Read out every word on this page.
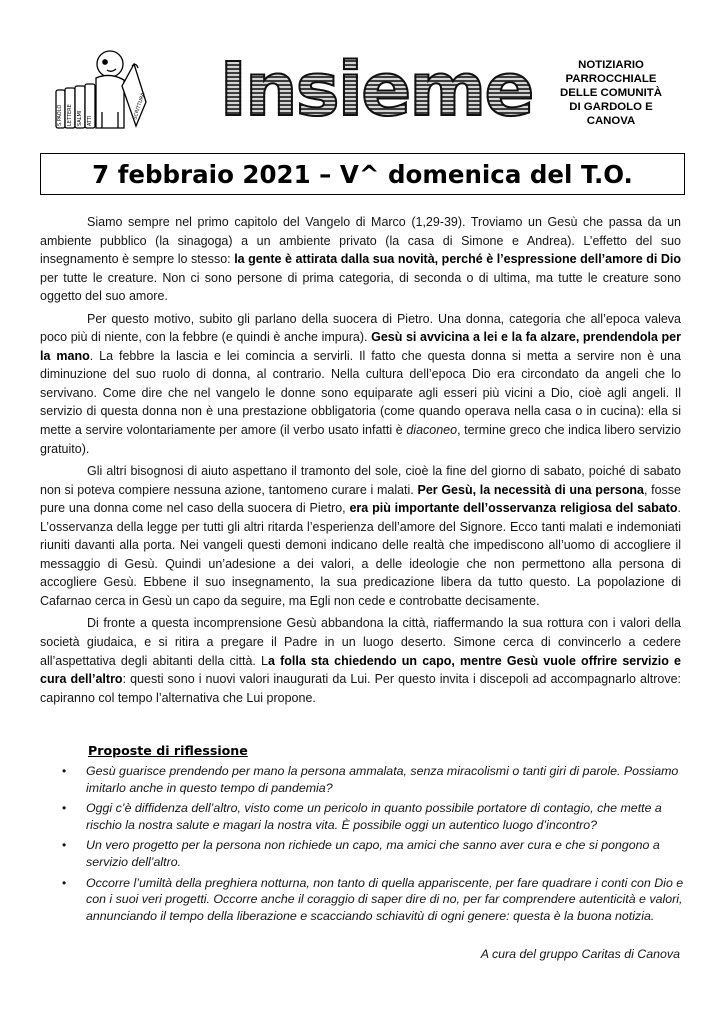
S.PAOLO LETTERE SALMI ATTI
SCRITTURA Insieme	NOTIZIARIO
PARROCCHIALE
DELLE COMUNITÀ
DI GARDOLO E
CANOVA
7 febbraio 2021 – V^ domenica del T.O.

Siamo sempre nel primo capitolo del Vangelo di Marco (1,29-39). Troviamo un Gesù che passa da un ambiente pubblico (la sinagoga) a un ambiente privato (la casa di Simone e Andrea). L’effetto del suo insegnamento è sempre lo stesso: la gente è attirata dalla sua novità, perché è l’espressione dell’amore di Dio per tutte le creature. Non ci sono persone di prima categoria, di seconda o di ultima, ma tutte le creature sono oggetto del suo amore.

Per questo motivo, subito gli parlano della suocera di Pietro. Una donna, categoria che all’epoca valeva poco più di niente, con la febbre (e quindi è anche impura). Gesù si avvicina a lei e la fa alzare, prendendola per la mano. La febbre la lascia e lei comincia a servirli. Il fatto che questa donna si metta a servire non è una diminuzione del suo ruolo di donna, al contrario. Nella cultura dell’epoca Dio era circondato da angeli che lo servivano. Come dire che nel vangelo le donne sono equiparate agli esseri più vicini a Dio, cioè agli angeli. Il servizio di questa donna non è una prestazione obbligatoria (come quando operava nella casa o in cucina): ella si mette a servire volontariamente per amore (il verbo usato infatti è diaconeo, termine greco che indica libero servizio gratuito).

Gli altri bisognosi di aiuto aspettano il tramonto del sole, cioè la fine del giorno di sabato, poiché di sabato non si poteva compiere nessuna azione, tantomeno curare i malati. Per Gesù, la necessità di una persona, fosse pure una donna come nel caso della suocera di Pietro, era più importante dell’osservanza religiosa del sabato. L’osservanza della legge per tutti gli altri ritarda l’esperienza dell’amore del Signore. Ecco tanti malati e indemoniati riuniti davanti alla porta. Nei vangeli questi demoni indicano delle realtà che impediscono all’uomo di accogliere il messaggio di Gesù. Quindi un’adesione a dei valori, a delle ideologie che non permettono alla persona di accogliere Gesù. Ebbene il suo insegnamento, la sua predicazione libera da tutto questo. La popolazione di Cafarnao cerca in Gesù un capo da seguire, ma Egli non cede e controbatte decisamente.

Di fronte a questa incomprensione Gesù abbandona la città, riaffermando la sua rottura con i valori della società giudaica, e si ritira a pregare il Padre in un luogo deserto. Simone cerca di convincerlo a cedere all’aspettativa degli abitanti della città. La folla sta chiedendo un capo, mentre Gesù vuole offrire servizio e cura dell’altro: questi sono i nuovi valori inaugurati da Lui. Per questo invita i discepoli ad accompagnarlo altrove: capiranno col tempo l’alternativa che Lui propone.

Proposte di riflessione
• Gesù guarisce prendendo per mano la persona ammalata, senza miracolismi o tanti giri di parole. Possiamo imitarlo anche in questo tempo di pandemia?
• Oggi c’è diffidenza dell’altro, visto come un pericolo in quanto possibile portatore di contagio, che mette a rischio la nostra salute e magari la nostra vita. È possibile oggi un autentico luogo d’incontro?
• Un vero progetto per la persona non richiede un capo, ma amici che sanno aver cura e che si pongono a servizio dell’altro.
• Occorre l’umiltà della preghiera notturna, non tanto di quella appariscente, per fare quadrare i conti con Dio e con i suoi veri progetti. Occorre anche il coraggio di saper dire di no, per far comprendere autenticità e valori, annunciando il tempo della liberazione e scacciando schiavitù di ogni genere: questa è la buona notizia.
A cura del gruppo Caritas di Canova
